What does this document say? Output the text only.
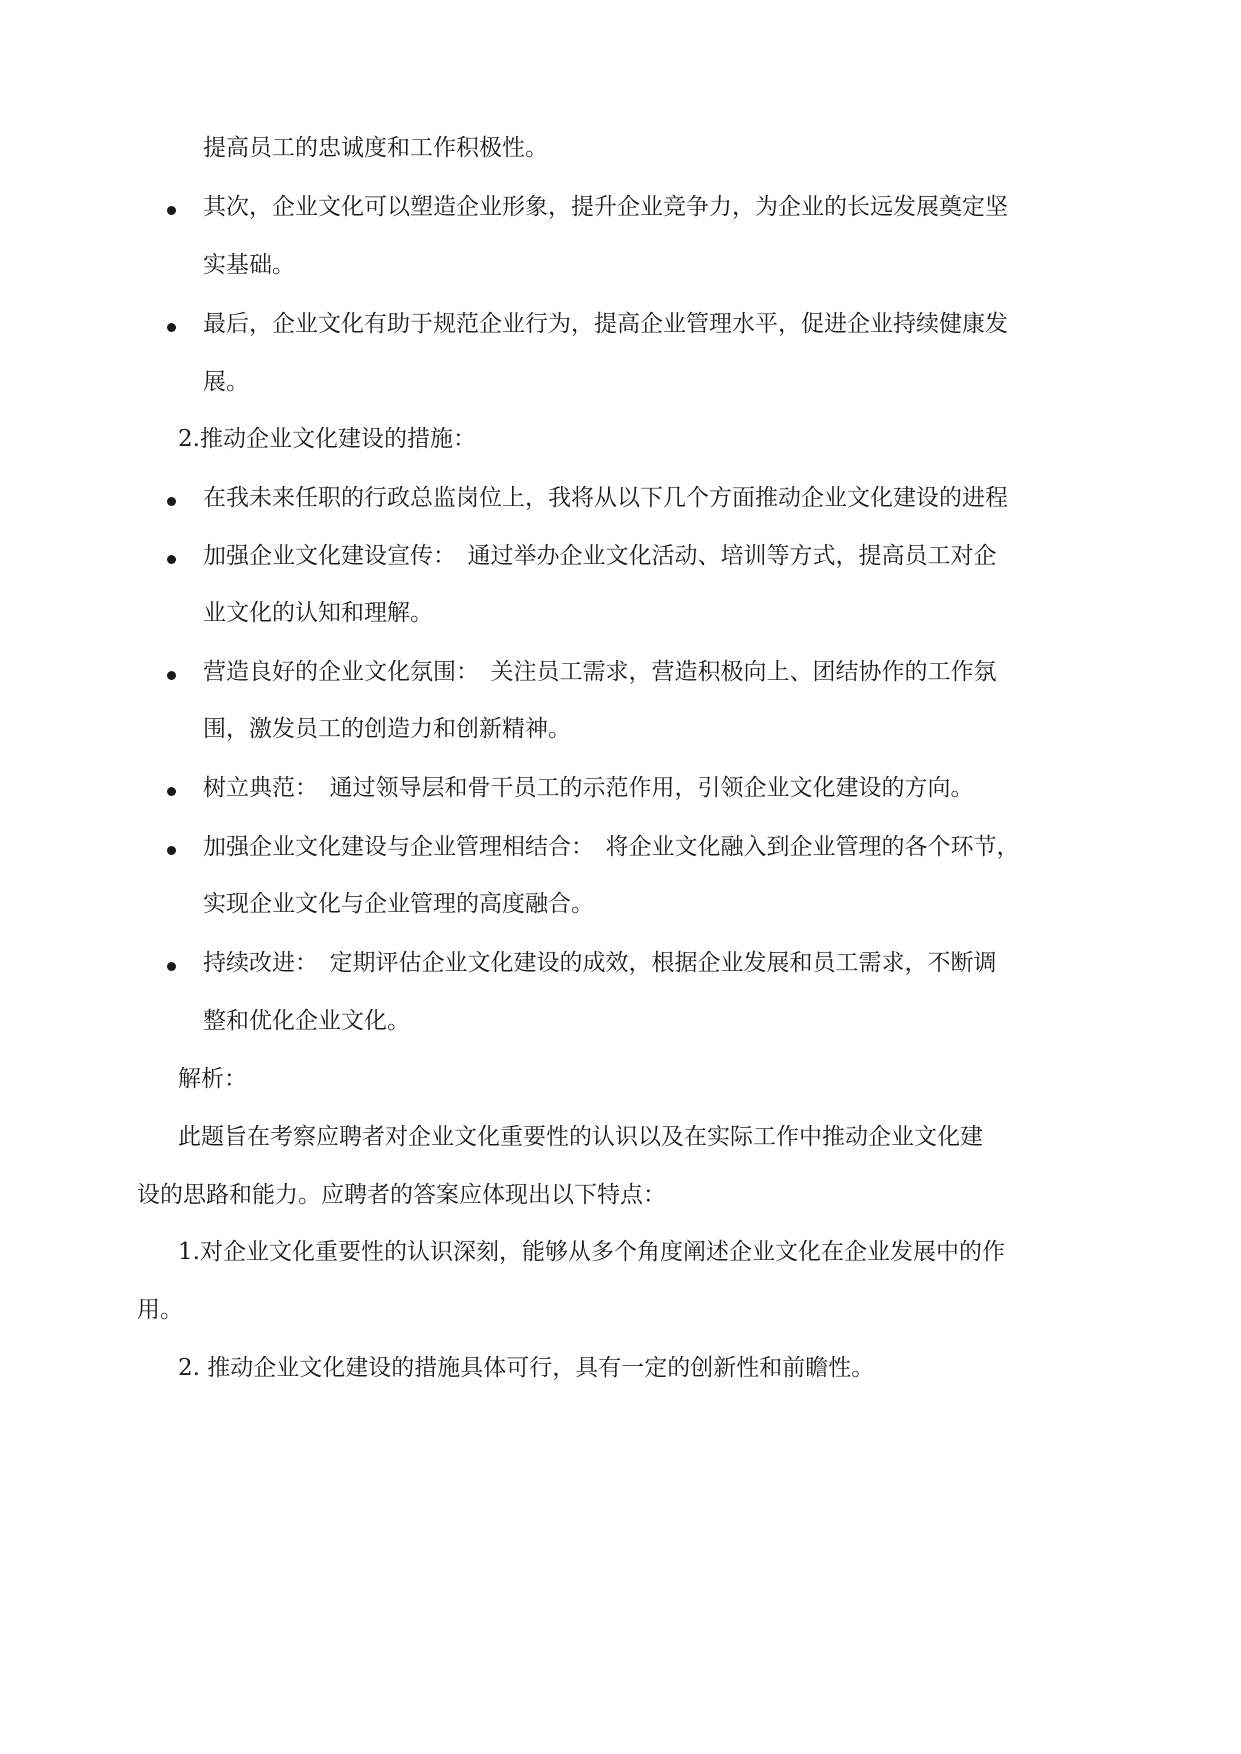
提高员工的忠诚度和工作积极性。
其次，企业文化可以塑造企业形象，提升企业竞争力，为企业的长远发展奠定坚
实基础。
最后，企业文化有助于规范企业行为，提高企业管理水平，促进企业持续健康发
展。
2.推动企业文化建设的措施：
在我未来任职的行政总监岗位上，我将从以下几个方面推动企业文化建设的进程
加强企业文化建设宣传：　通过举办企业文化活动、培训等方式，提高员工对企
业文化的认知和理解。
营造良好的企业文化氛围：　关注员工需求，营造积极向上、团结协作的工作氛
围，激发员工的创造力和创新精神。
树立典范：　通过领导层和骨干员工的示范作用，引领企业文化建设的方向。
加强企业文化建设与企业管理相结合：　将企业文化融入到企业管理的各个环节，
实现企业文化与企业管理的高度融合。
持续改进：　定期评估企业文化建设的成效，根据企业发展和员工需求，不断调
整和优化企业文化。
解析：
此题旨在考察应聘者对企业文化重要性的认识以及在实际工作中推动企业文化建
设的思路和能力。应聘者的答案应体现出以下特点：
1.对企业文化重要性的认识深刻，能够从多个角度阐述企业文化在企业发展中的作
用。
2. 推动企业文化建设的措施具体可行，具有一定的创新性和前瞻性。
